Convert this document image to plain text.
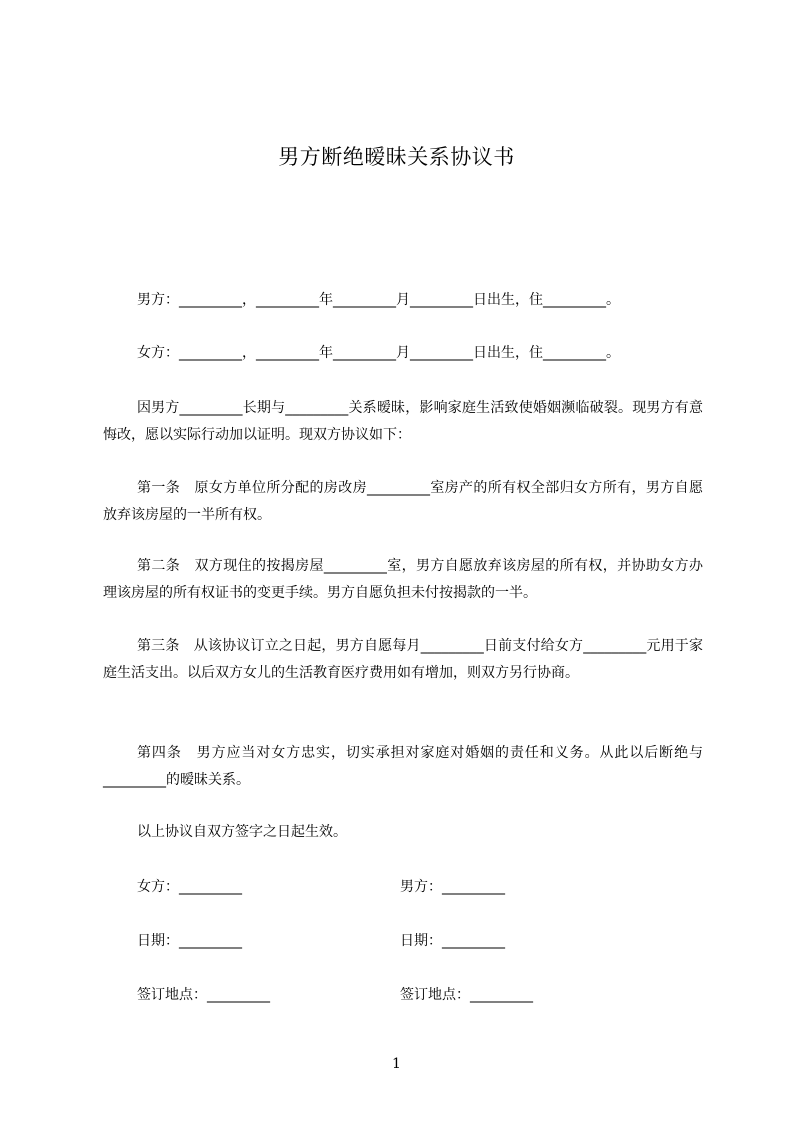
男方断绝暧昧关系协议书
男方：_________，_________年_________月_________日出生，住_________。
女方：_________，_________年_________月_________日出生，住_________。

因男方_________长期与_________关系暧昧，影响家庭生活致使婚姻濒临破裂。现男方有意悔改，愿以实际行动加以证明。现双方协议如下：

第一条　原女方单位所分配的房改房_________室房产的所有权全部归女方所有，男方自愿放弃该房屋的一半所有权。

第二条　双方现住的按揭房屋_________室，男方自愿放弃该房屋的所有权，并协助女方办理该房屋的所有权证书的变更手续。男方自愿负担未付按揭款的一半。

第三条　从该协议订立之日起，男方自愿每月_________日前支付给女方_________元用于家庭生活支出。以后双方女儿的生活教育医疗费用如有增加，则双方另行协商。

第四条　男方应当对女方忠实，切实承担对家庭对婚姻的责任和义务。从此以后断绝与_________的暧昧关系。

以上协议自双方签字之日起生效。
女方：_________	男方：_________
日期：_________	日期：_________
签订地点：_________	签订地点：_________
1
